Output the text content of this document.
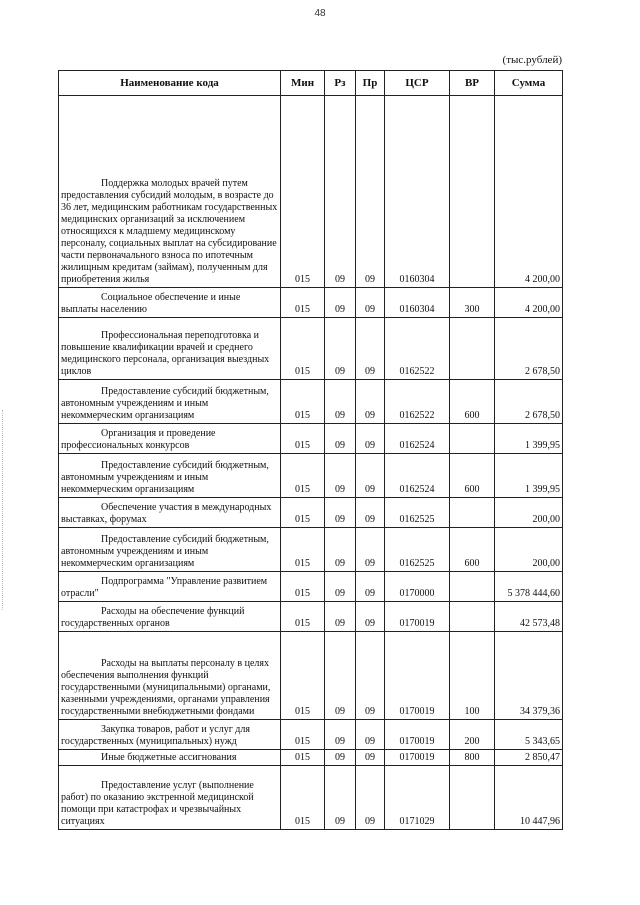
48
(тыс.рублей)
Наименование кода	Мин	Рз	Пр	ЦСР	ВР	Сумма
Поддержка молодых врачей путем предоставления субсидий молодым, в возрасте до 36 лет, медицинским работникам государственных медицинских организаций за исключением относящихся к младшему медицинскому персоналу, социальных выплат на субсидирование части первоначального взноса по ипотечным жилищным кредитам (займам), полученным для приобретения жилья	015	09	09	0160304		4 200,00
Социальное обеспечение и иные выплаты населению	015	09	09	0160304	300	4 200,00
Профессиональная переподготовка и повышение квалификации врачей и среднего медицинского персонала, организация выездных циклов	015	09	09	0162522		2 678,50
Предоставление субсидий бюджетным, автономным учреждениям и иным некоммерческим организациям	015	09	09	0162522	600	2 678,50
Организация и проведение профессиональных конкурсов	015	09	09	0162524		1 399,95
Предоставление субсидий бюджетным, автономным учреждениям и иным некоммерческим организациям	015	09	09	0162524	600	1 399,95
Обеспечение участия в международных выставках, форумах	015	09	09	0162525		200,00
Предоставление субсидий бюджетным, автономным учреждениям и иным некоммерческим организациям	015	09	09	0162525	600	200,00
Подпрограмма "Управление развитием отрасли"	015	09	09	0170000		5 378 444,60
Расходы на обеспечение функций государственных органов	015	09	09	0170019		42 573,48
Расходы на выплаты персоналу в целях обеспечения выполнения функций государственными (муниципальными) органами, казенными учреждениями, органами управления государственными внебюджетными фондами	015	09	09	0170019	100	34 379,36
Закупка товаров, работ и услуг для государственных (муниципальных) нужд	015	09	09	0170019	200	5 343,65
Иные бюджетные ассигнования	015	09	09	0170019	800	2 850,47
Предоставление услуг (выполнение работ) по оказанию экстренной медицинской помощи при катастрофах и чрезвычайных ситуациях	015	09	09	0171029		10 447,96
